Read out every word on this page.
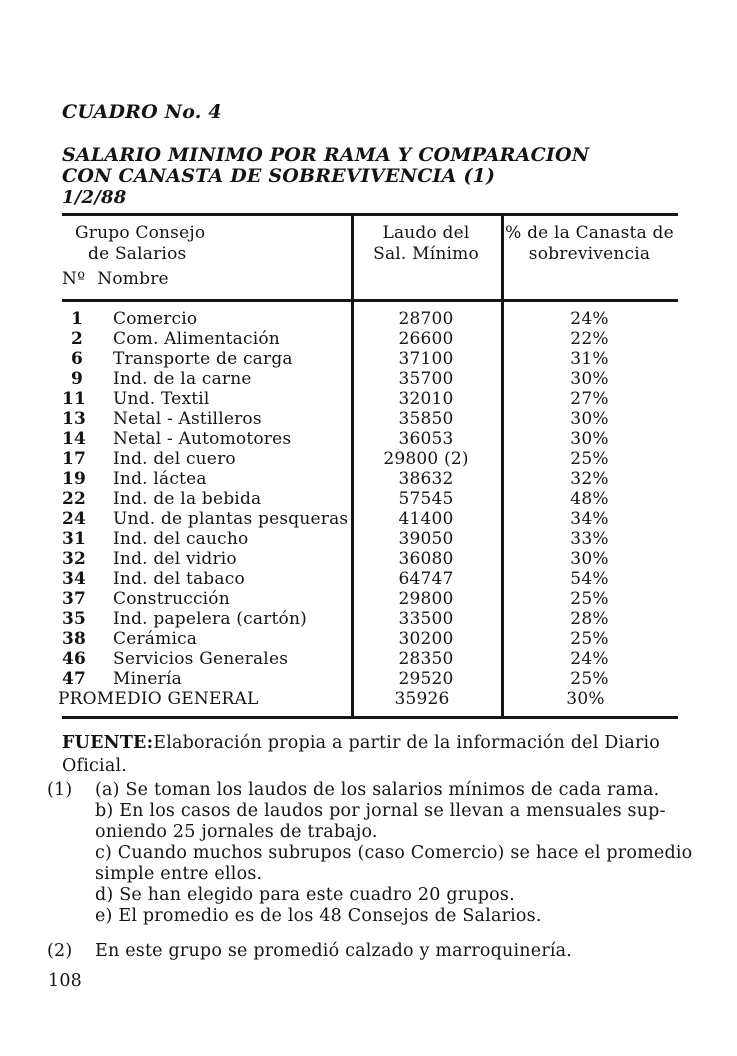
CUADRO No. 4
SALARIO MINIMO POR RAMA Y COMPARACION
CON CANASTA DE SOBREVIVENCIA (1)
1/2/88
Grupo Consejo
de Salarios
Nº Nombre
Laudo del
Sal. Mínimo
% de la Canasta de
sobrevivencia
1 Comercio	28700	24%
2 Com. Alimentación	26600	22%
6 Transporte de carga	37100	31%
9 Ind. de la carne	35700	30%
11 Und. Textil	32010	27%
13 Netal - Astilleros	35850	30%
14 Netal - Automotores	36053	30%
17 Ind. del cuero	29800 (2)	25%
19 Ind. láctea	38632	32%
22 Ind. de la bebida	57545	48%
24 Und. de plantas pesqueras	41400	34%
31 Ind. del caucho	39050	33%
32 Ind. del vidrio	36080	30%
34 Ind. del tabaco	64747	54%
37 Construcción	29800	25%
35 Ind. papelera (cartón)	33500	28%
38 Cerámica	30200	25%
46 Servicios Generales	28350	24%
47 Minería	29520	25%
PROMEDIO GENERAL	35926	30%
FUENTE:Elaboración propia a partir de la información del Diario
Oficial.
(1) (a) Se toman los laudos de los salarios mínimos de cada rama.
b) En los casos de laudos por jornal se llevan a mensuales sup-
oniendo 25 jornales de trabajo.
c) Cuando muchos subrupos (caso Comercio) se hace el promedio
simple entre ellos.
d) Se han elegido para este cuadro 20 grupos.
e) El promedio es de los 48 Consejos de Salarios.
(2) En este grupo se promedió calzado y marroquinería.
108
